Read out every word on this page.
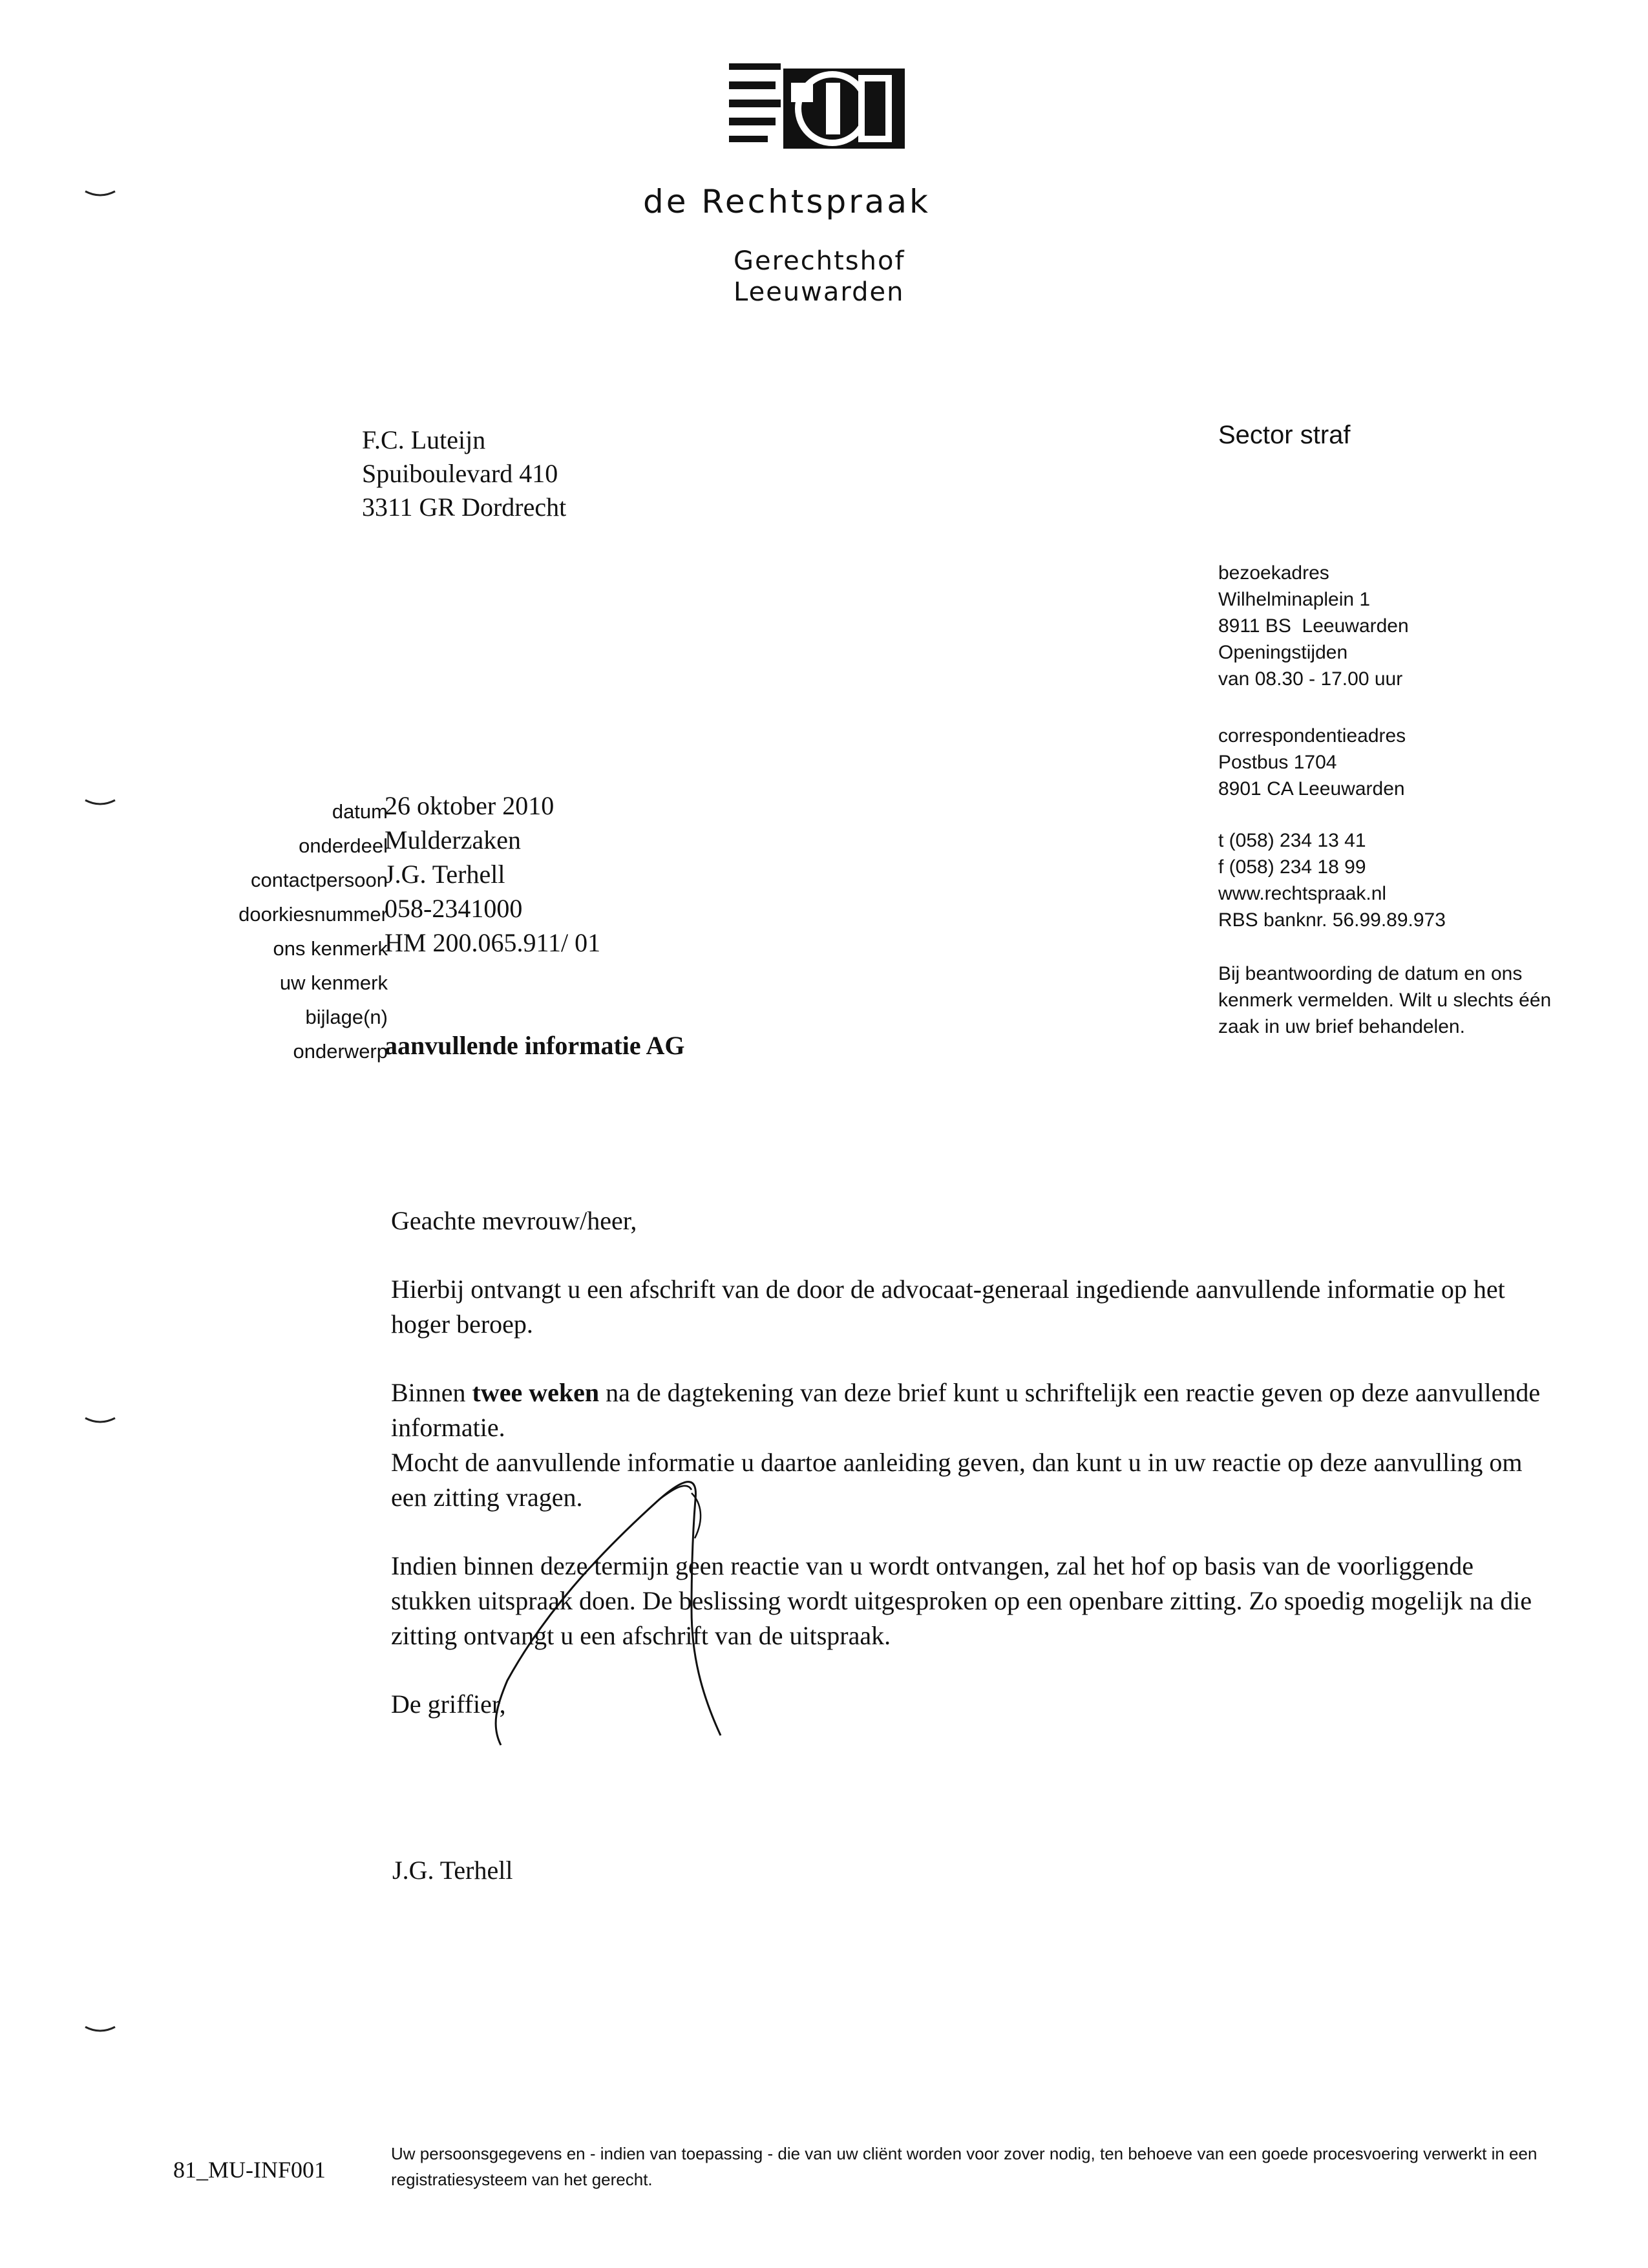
de Rechtspraak
Gerechtshof
Leeuwarden
F.C. Luteijn
Spuiboulevard 410
3311 GR Dordrecht
Sector straf
bezoekadres
Wilhelminaplein 1
8911 BS  Leeuwarden
Openingstijden
van 08.30 - 17.00 uur
correspondentieadres
Postbus 1704
8901 CA Leeuwarden
t (058) 234 13 41
f (058) 234 18 99
www.rechtspraak.nl
RBS banknr. 56.99.89.973
Bij beantwoording de datum en ons kenmerk vermelden. Wilt u slechts één zaak in uw brief behandelen.
datum
26 oktober 2010
onderdeel
Mulderzaken
contactpersoon
J.G. Terhell
doorkiesnummer
058-2341000
ons kenmerk
HM 200.065.911/ 01
uw kenmerk
bijlage(n)
onderwerp
aanvullende informatie AG

Geachte mevrouw/heer,

Hierbij ontvangt u een afschrift van de door de advocaat-generaal ingediende aanvullende informatie op het hoger beroep.

Binnen twee weken na de dagtekening van deze brief kunt u schriftelijk een reactie geven op deze aanvullende informatie.

Mocht de aanvullende informatie u daartoe aanleiding geven, dan kunt u in uw reactie op deze aanvulling om een zitting vragen.

Indien binnen deze termijn geen reactie van u wordt ontvangen, zal het hof op basis van de voorliggende stukken uitspraak doen. De beslissing wordt uitgesproken op een openbare zitting. Zo spoedig mogelijk na die zitting ontvangt u een afschrift van de uitspraak.

De griffier,

J.G. Terhell
81_MU-INF001
Uw persoonsgegevens en - indien van toepassing - die van uw cliënt worden voor zover nodig, ten behoeve van een goede procesvoering verwerkt in een registratiesysteem van het gerecht.
